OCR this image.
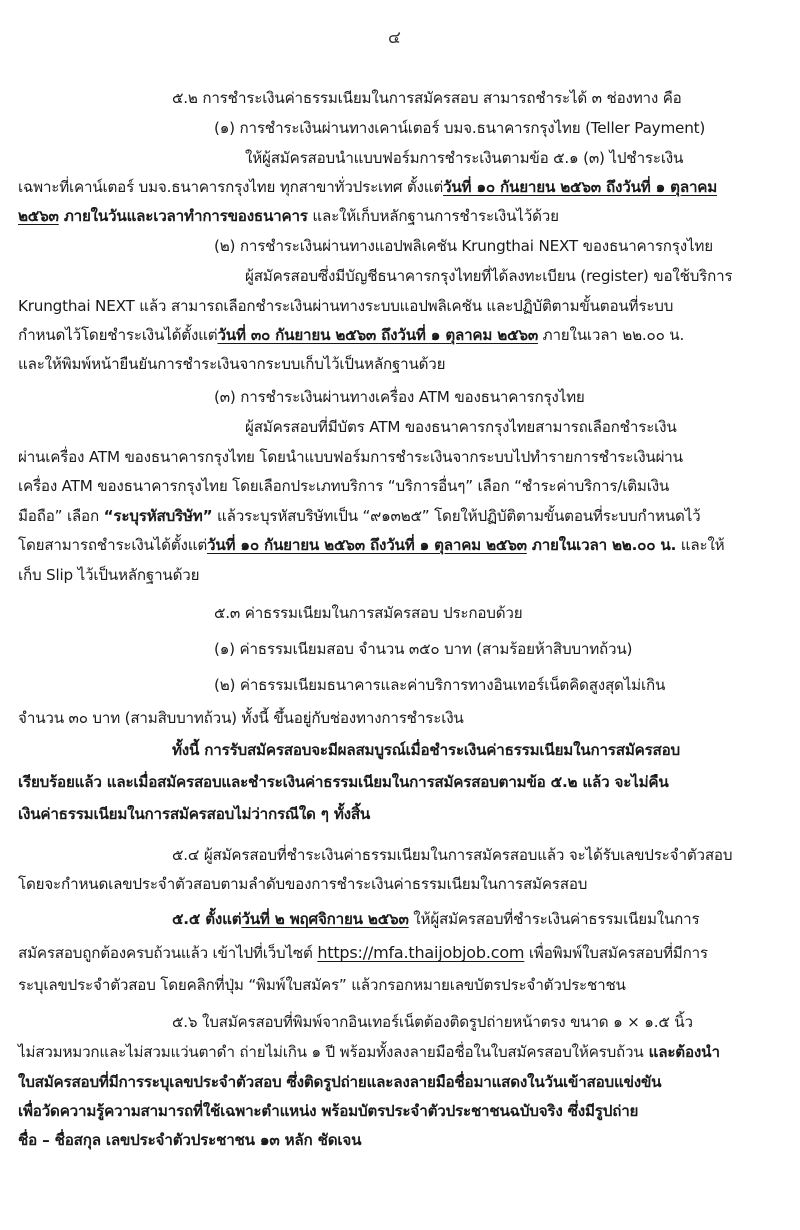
๔
๕.๒ การชำระเงินค่าธรรมเนียมในการสมัครสอบ สามารถชำระได้ ๓ ช่องทาง คือ
(๑) การชำระเงินผ่านทางเคาน์เตอร์ บมจ.ธนาคารกรุงไทย (Teller Payment)
ให้ผู้สมัครสอบนำแบบฟอร์มการชำระเงินตามข้อ ๕.๑ (๓) ไปชำระเงิน
เฉพาะที่เคาน์เตอร์ บมจ.ธนาคารกรุงไทย ทุกสาขาทั่วประเทศ ตั้งแต่วันที่ ๑๐ กันยายน ๒๕๖๓ ถึงวันที่ ๑ ตุลาคม
๒๕๖๓ ภายในวันและเวลาทำการของธนาคาร และให้เก็บหลักฐานการชำระเงินไว้ด้วย
(๒) การชำระเงินผ่านทางแอปพลิเคชัน Krungthai NEXT ของธนาคารกรุงไทย
ผู้สมัครสอบซึ่งมีบัญชีธนาคารกรุงไทยที่ได้ลงทะเบียน (register) ขอใช้บริการ
Krungthai NEXT แล้ว สามารถเลือกชำระเงินผ่านทางระบบแอปพลิเคชัน และปฏิบัติตามขั้นตอนที่ระบบ
กำหนดไว้โดยชำระเงินได้ตั้งแต่วันที่ ๓๐ กันยายน ๒๕๖๓ ถึงวันที่ ๑ ตุลาคม ๒๕๖๓ ภายในเวลา ๒๒.๐๐ น.
และให้พิมพ์หน้ายืนยันการชำระเงินจากระบบเก็บไว้เป็นหลักฐานด้วย
(๓) การชำระเงินผ่านทางเครื่อง ATM ของธนาคารกรุงไทย
ผู้สมัครสอบที่มีบัตร ATM ของธนาคารกรุงไทยสามารถเลือกชำระเงิน
ผ่านเครื่อง ATM ของธนาคารกรุงไทย โดยนำแบบฟอร์มการชำระเงินจากระบบไปทำรายการชำระเงินผ่าน
เครื่อง ATM ของธนาคารกรุงไทย โดยเลือกประเภทบริการ “บริการอื่นๆ” เลือก “ชำระค่าบริการ/เติมเงิน
มือถือ” เลือก “ระบุรหัสบริษัท” แล้วระบุรหัสบริษัทเป็น “๙๑๓๒๕” โดยให้ปฏิบัติตามขั้นตอนที่ระบบกำหนดไว้
โดยสามารถชำระเงินได้ตั้งแต่วันที่ ๑๐ กันยายน ๒๕๖๓ ถึงวันที่ ๑ ตุลาคม ๒๕๖๓ ภายในเวลา ๒๒.๐๐ น. และให้
เก็บ Slip ไว้เป็นหลักฐานด้วย
๕.๓ ค่าธรรมเนียมในการสมัครสอบ ประกอบด้วย
(๑) ค่าธรรมเนียมสอบ จำนวน ๓๕๐ บาท (สามร้อยห้าสิบบาทถ้วน)
(๒) ค่าธรรมเนียมธนาคารและค่าบริการทางอินเทอร์เน็ตคิดสูงสุดไม่เกิน
จำนวน ๓๐ บาท (สามสิบบาทถ้วน) ทั้งนี้ ขึ้นอยู่กับช่องทางการชำระเงิน
ทั้งนี้ การรับสมัครสอบจะมีผลสมบูรณ์เมื่อชำระเงินค่าธรรมเนียมในการสมัครสอบ
เรียบร้อยแล้ว และเมื่อสมัครสอบและชำระเงินค่าธรรมเนียมในการสมัครสอบตามข้อ ๕.๒ แล้ว จะไม่คืน
เงินค่าธรรมเนียมในการสมัครสอบไม่ว่ากรณีใด ๆ ทั้งสิ้น
๕.๔ ผู้สมัครสอบที่ชำระเงินค่าธรรมเนียมในการสมัครสอบแล้ว จะได้รับเลขประจำตัวสอบ
โดยจะกำหนดเลขประจำตัวสอบตามลำดับของการชำระเงินค่าธรรมเนียมในการสมัครสอบ
๕.๕ ตั้งแต่วันที่ ๒ พฤศจิกายน ๒๕๖๓ ให้ผู้สมัครสอบที่ชำระเงินค่าธรรมเนียมในการ
สมัครสอบถูกต้องครบถ้วนแล้ว เข้าไปที่เว็บไซต์ https://mfa.thaijobjob.com เพื่อพิมพ์ใบสมัครสอบที่มีการ
ระบุเลขประจำตัวสอบ โดยคลิกที่ปุ่ม “พิมพ์ใบสมัคร” แล้วกรอกหมายเลขบัตรประจำตัวประชาชน
๕.๖ ใบสมัครสอบที่พิมพ์จากอินเทอร์เน็ตต้องติดรูปถ่ายหน้าตรง ขนาด ๑ × ๑.๕ นิ้ว
ไม่สวมหมวกและไม่สวมแว่นตาดำ ถ่ายไม่เกิน ๑ ปี พร้อมทั้งลงลายมือชื่อในใบสมัครสอบให้ครบถ้วน และต้องนำ
ใบสมัครสอบที่มีการระบุเลขประจำตัวสอบ ซึ่งติดรูปถ่ายและลงลายมือชื่อมาแสดงในวันเข้าสอบแข่งขัน
เพื่อวัดความรู้ความสามารถที่ใช้เฉพาะตำแหน่ง พร้อมบัตรประจำตัวประชาชนฉบับจริง ซึ่งมีรูปถ่าย
ชื่อ – ชื่อสกุล เลขประจำตัวประชาชน ๑๓ หลัก ชัดเจน
